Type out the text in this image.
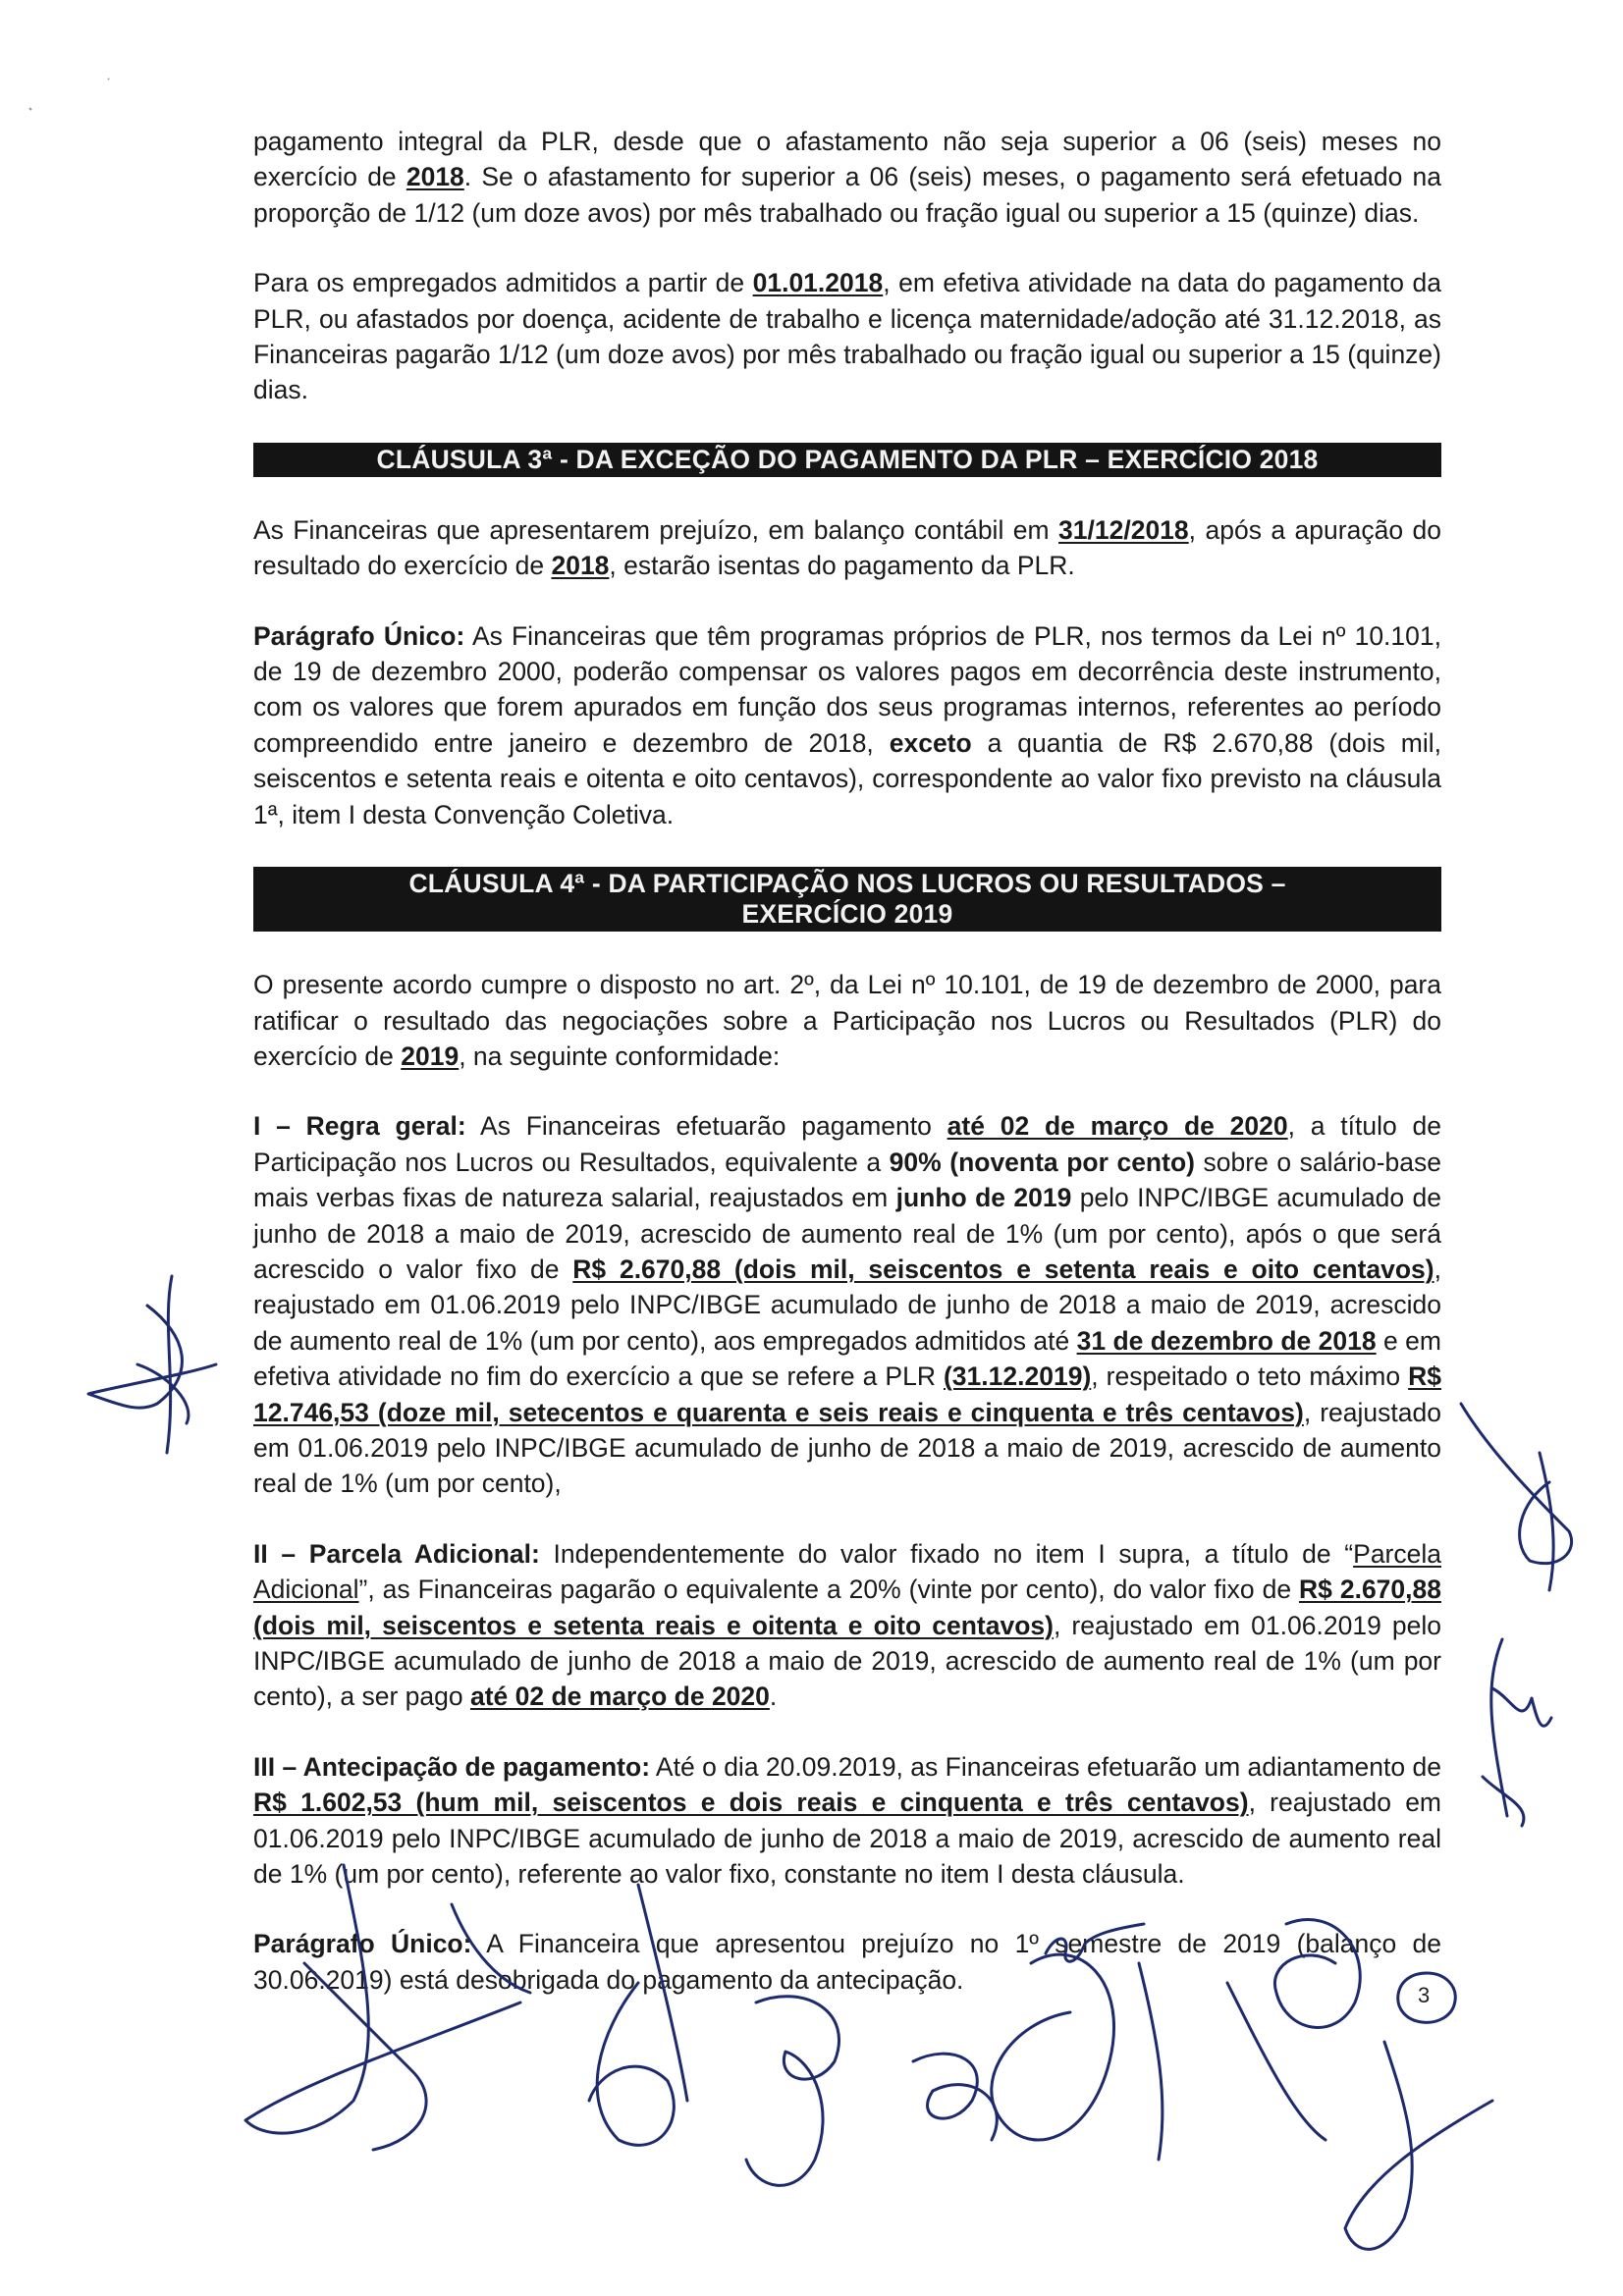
pagamento integral da PLR, desde que o afastamento não seja superior a 06 (seis) meses no exercício de 2018. Se o afastamento for superior a 06 (seis) meses, o pagamento será efetuado na proporção de 1/12 (um doze avos) por mês trabalhado ou fração igual ou superior a 15 (quinze) dias.

Para os empregados admitidos a partir de 01.01.2018, em efetiva atividade na data do pagamento da PLR, ou afastados por doença, acidente de trabalho e licença maternidade/adoção até 31.12.2018, as Financeiras pagarão 1/12 (um doze avos) por mês trabalhado ou fração igual ou superior a 15 (quinze) dias.

CLÁUSULA 3ª - DA EXCEÇÃO DO PAGAMENTO DA PLR – EXERCÍCIO 2018

As Financeiras que apresentarem prejuízo, em balanço contábil em 31/12/2018, após a apuração do resultado do exercício de 2018, estarão isentas do pagamento da PLR.

Parágrafo Único: As Financeiras que têm programas próprios de PLR, nos termos da Lei nº 10.101, de 19 de dezembro 2000, poderão compensar os valores pagos em decorrência deste instrumento, com os valores que forem apurados em função dos seus programas internos, referentes ao período compreendido entre janeiro e dezembro de 2018, exceto a quantia de R$ 2.670,88 (dois mil, seiscentos e setenta reais e oitenta e oito centavos), correspondente ao valor fixo previsto na cláusula 1ª, item I desta Convenção Coletiva.

CLÁUSULA 4ª - DA PARTICIPAÇÃO NOS LUCROS OU RESULTADOS –
EXERCÍCIO 2019

O presente acordo cumpre o disposto no art. 2º, da Lei nº 10.101, de 19 de dezembro de 2000, para ratificar o resultado das negociações sobre a Participação nos Lucros ou Resultados (PLR) do exercício de 2019, na seguinte conformidade:

I – Regra geral: As Financeiras efetuarão pagamento até 02 de março de 2020, a título de Participação nos Lucros ou Resultados, equivalente a 90% (noventa por cento) sobre o salário-base mais verbas fixas de natureza salarial, reajustados em junho de 2019 pelo INPC/IBGE acumulado de junho de 2018 a maio de 2019, acrescido de aumento real de 1% (um por cento), após o que será acrescido o valor fixo de R$ 2.670,88 (dois mil, seiscentos e setenta reais e oito centavos), reajustado em 01.06.2019 pelo INPC/IBGE acumulado de junho de 2018 a maio de 2019, acrescido de aumento real de 1% (um por cento), aos empregados admitidos até 31 de dezembro de 2018 e em efetiva atividade no fim do exercício a que se refere a PLR (31.12.2019), respeitado o teto máximo R$ 12.746,53 (doze mil, setecentos e quarenta e seis reais e cinquenta e três centavos), reajustado em 01.06.2019 pelo INPC/IBGE acumulado de junho de 2018 a maio de 2019, acrescido de aumento real de 1% (um por cento),

II – Parcela Adicional: Independentemente do valor fixado no item I supra, a título de “Parcela Adicional”, as Financeiras pagarão o equivalente a 20% (vinte por cento), do valor fixo de R$ 2.670,88 (dois mil, seiscentos e setenta reais e oitenta e oito centavos), reajustado em 01.06.2019 pelo INPC/IBGE acumulado de junho de 2018 a maio de 2019, acrescido de aumento real de 1% (um por cento), a ser pago até 02 de março de 2020.

III – Antecipação de pagamento: Até o dia 20.09.2019, as Financeiras efetuarão um adiantamento de R$ 1.602,53 (hum mil, seiscentos e dois reais e cinquenta e três centavos), reajustado em 01.06.2019 pelo INPC/IBGE acumulado de junho de 2018 a maio de 2019, acrescido de aumento real de 1% (um por cento), referente ao valor fixo, constante no item I desta cláusula.

Parágrafo Único: A Financeira que apresentou prejuízo no 1º semestre de 2019 (balanço de 30.06.2019) está desobrigada do pagamento da antecipação.

3
